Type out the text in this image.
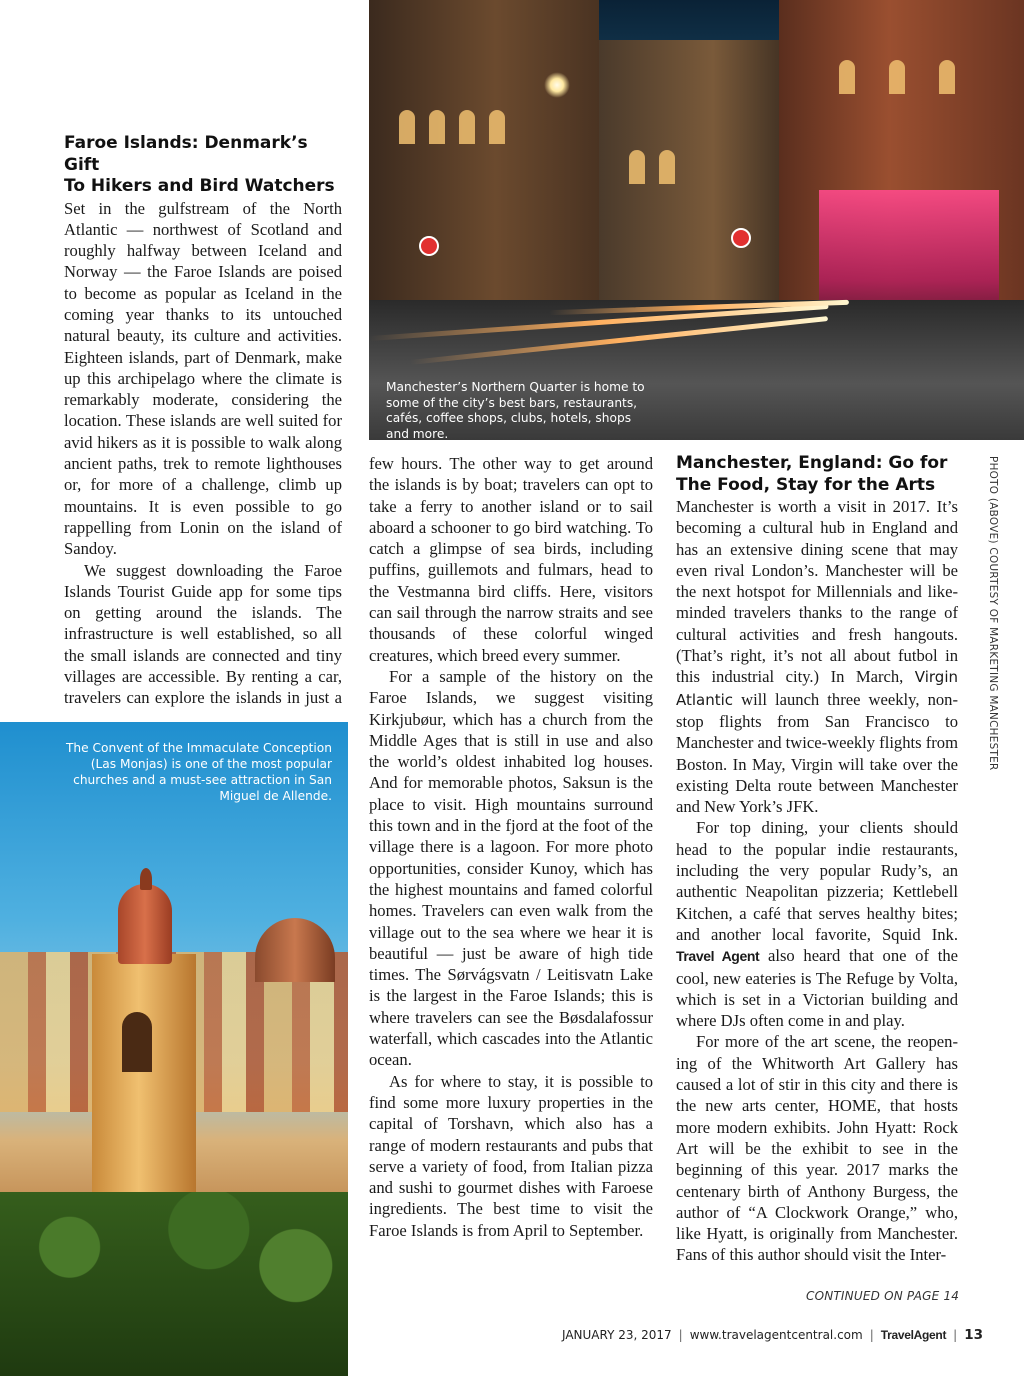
Manchester’s Northern Quarter is home to some of the city’s best bars, restaurants, cafés, coffee shops, clubs, hotels, shops and more.
The Convent of the Immaculate Conception (Las Monjas) is one of the most popular churches and a must-see attraction in San Miguel de Allende.

Faroe Islands: Denmark’s Gift
To Hikers and Bird Watchers

Set in the gulfstream of the North Atlantic — northwest of Scotland and roughly halfway between Iceland and Norway — the Faroe Islands are poised to become as popular as Iceland in the coming year thanks to its untouched natural beauty, its culture and activities. Eighteen islands, part of Denmark, make up this archipelago where the climate is remarkably moderate, considering the location. These islands are well suited for avid hikers as it is possible to walk along ancient paths, trek to remote lighthouses or, for more of a challenge, climb up mountains. It is even possible to go rappelling from Lonin on the island of Sandoy.

We suggest downloading the Faroe Islands Tourist Guide app for some tips on getting around the islands. The infrastructure is well established, so all the small islands are connected and tiny villages are accessible. By renting a car, travelers can explore the islands in just a

few hours. The other way to get around the islands is by boat; travelers can opt to take a ferry to another island or to sail aboard a schooner to go bird watching. To catch a glimpse of sea birds, including puffins, guillemots and fulmars, head to the Vestmanna bird cliffs. Here, visitors can sail through the narrow straits and see thousands of these colorful winged creatures, which breed every summer.

For a sample of the history on the Faroe Islands, we suggest visiting Kirkjubøur, which has a church from the Middle Ages that is still in use and also the world’s oldest inhabited log houses. And for memorable photos, Saksun is the place to visit. High mountains surround this town and in the fjord at the foot of the village there is a lagoon. For more photo opportunities, consider Kunoy, which has the highest mountains and famed colorful homes. Travelers can even walk from the village out to the sea where we hear it is beautiful — just be aware of high tide times. The Sørvágsvatn / Leitisvatn Lake is the largest in the Faroe Islands; this is where travelers can see the Bøsdalafossur waterfall, which cascades into the Atlantic ocean.

As for where to stay, it is possible to find some more luxury properties in the capital of Torshavn, which also has a range of modern restaurants and pubs that serve a variety of food, from Italian pizza and sushi to gourmet dishes with Faroese ingredients. The best time to visit the Faroe Islands is from April to September.

Manchester, England: Go for
The Food, Stay for the Arts

Manchester is worth a visit in 2017. It’s becoming a cultural hub in England and has an extensive dining scene that may even rival London’s. Manchester will be the next hotspot for Millennials and like-minded travelers thanks to the range of cultural activities and fresh hangouts. (That’s right, it’s not all about futbol in this industrial city.) In March, Virgin Atlantic will launch three weekly, non-stop flights from San Francisco to Manchester and twice-weekly flights from Boston. In May, Virgin will take over the existing Delta route between Manchester and New York’s JFK.

For top dining, your clients should head to the popular indie restaurants, including the very popular Rudy’s, an authentic Neapolitan pizzeria; Kettlebell Kitchen, a café that serves healthy bites; and another local favorite, Squid Ink. Travel Agent also heard that one of the cool, new eateries is The Refuge by Volta, which is set in a Victorian building and where DJs often come in and play.

For more of the art scene, the reopening of the Whitworth Art Gallery has caused a lot of stir in this city and there is the new arts center, HOME, that hosts more modern exhibits. John Hyatt: Rock Art will be the exhibit to see in the beginning of this year. 2017 marks the centenary birth of Anthony Burgess, the author of “A Clockwork Orange,” who, like Hyatt, is originally from Manchester. Fans of this author should visit the Inter-

CONTINUED ON PAGE 14
PHOTO (ABOVE) COURTESY OF MARKETING MANCHESTER
JANUARY 23, 2017 | www.travelagentcentral.com | TravelAgent | 13
